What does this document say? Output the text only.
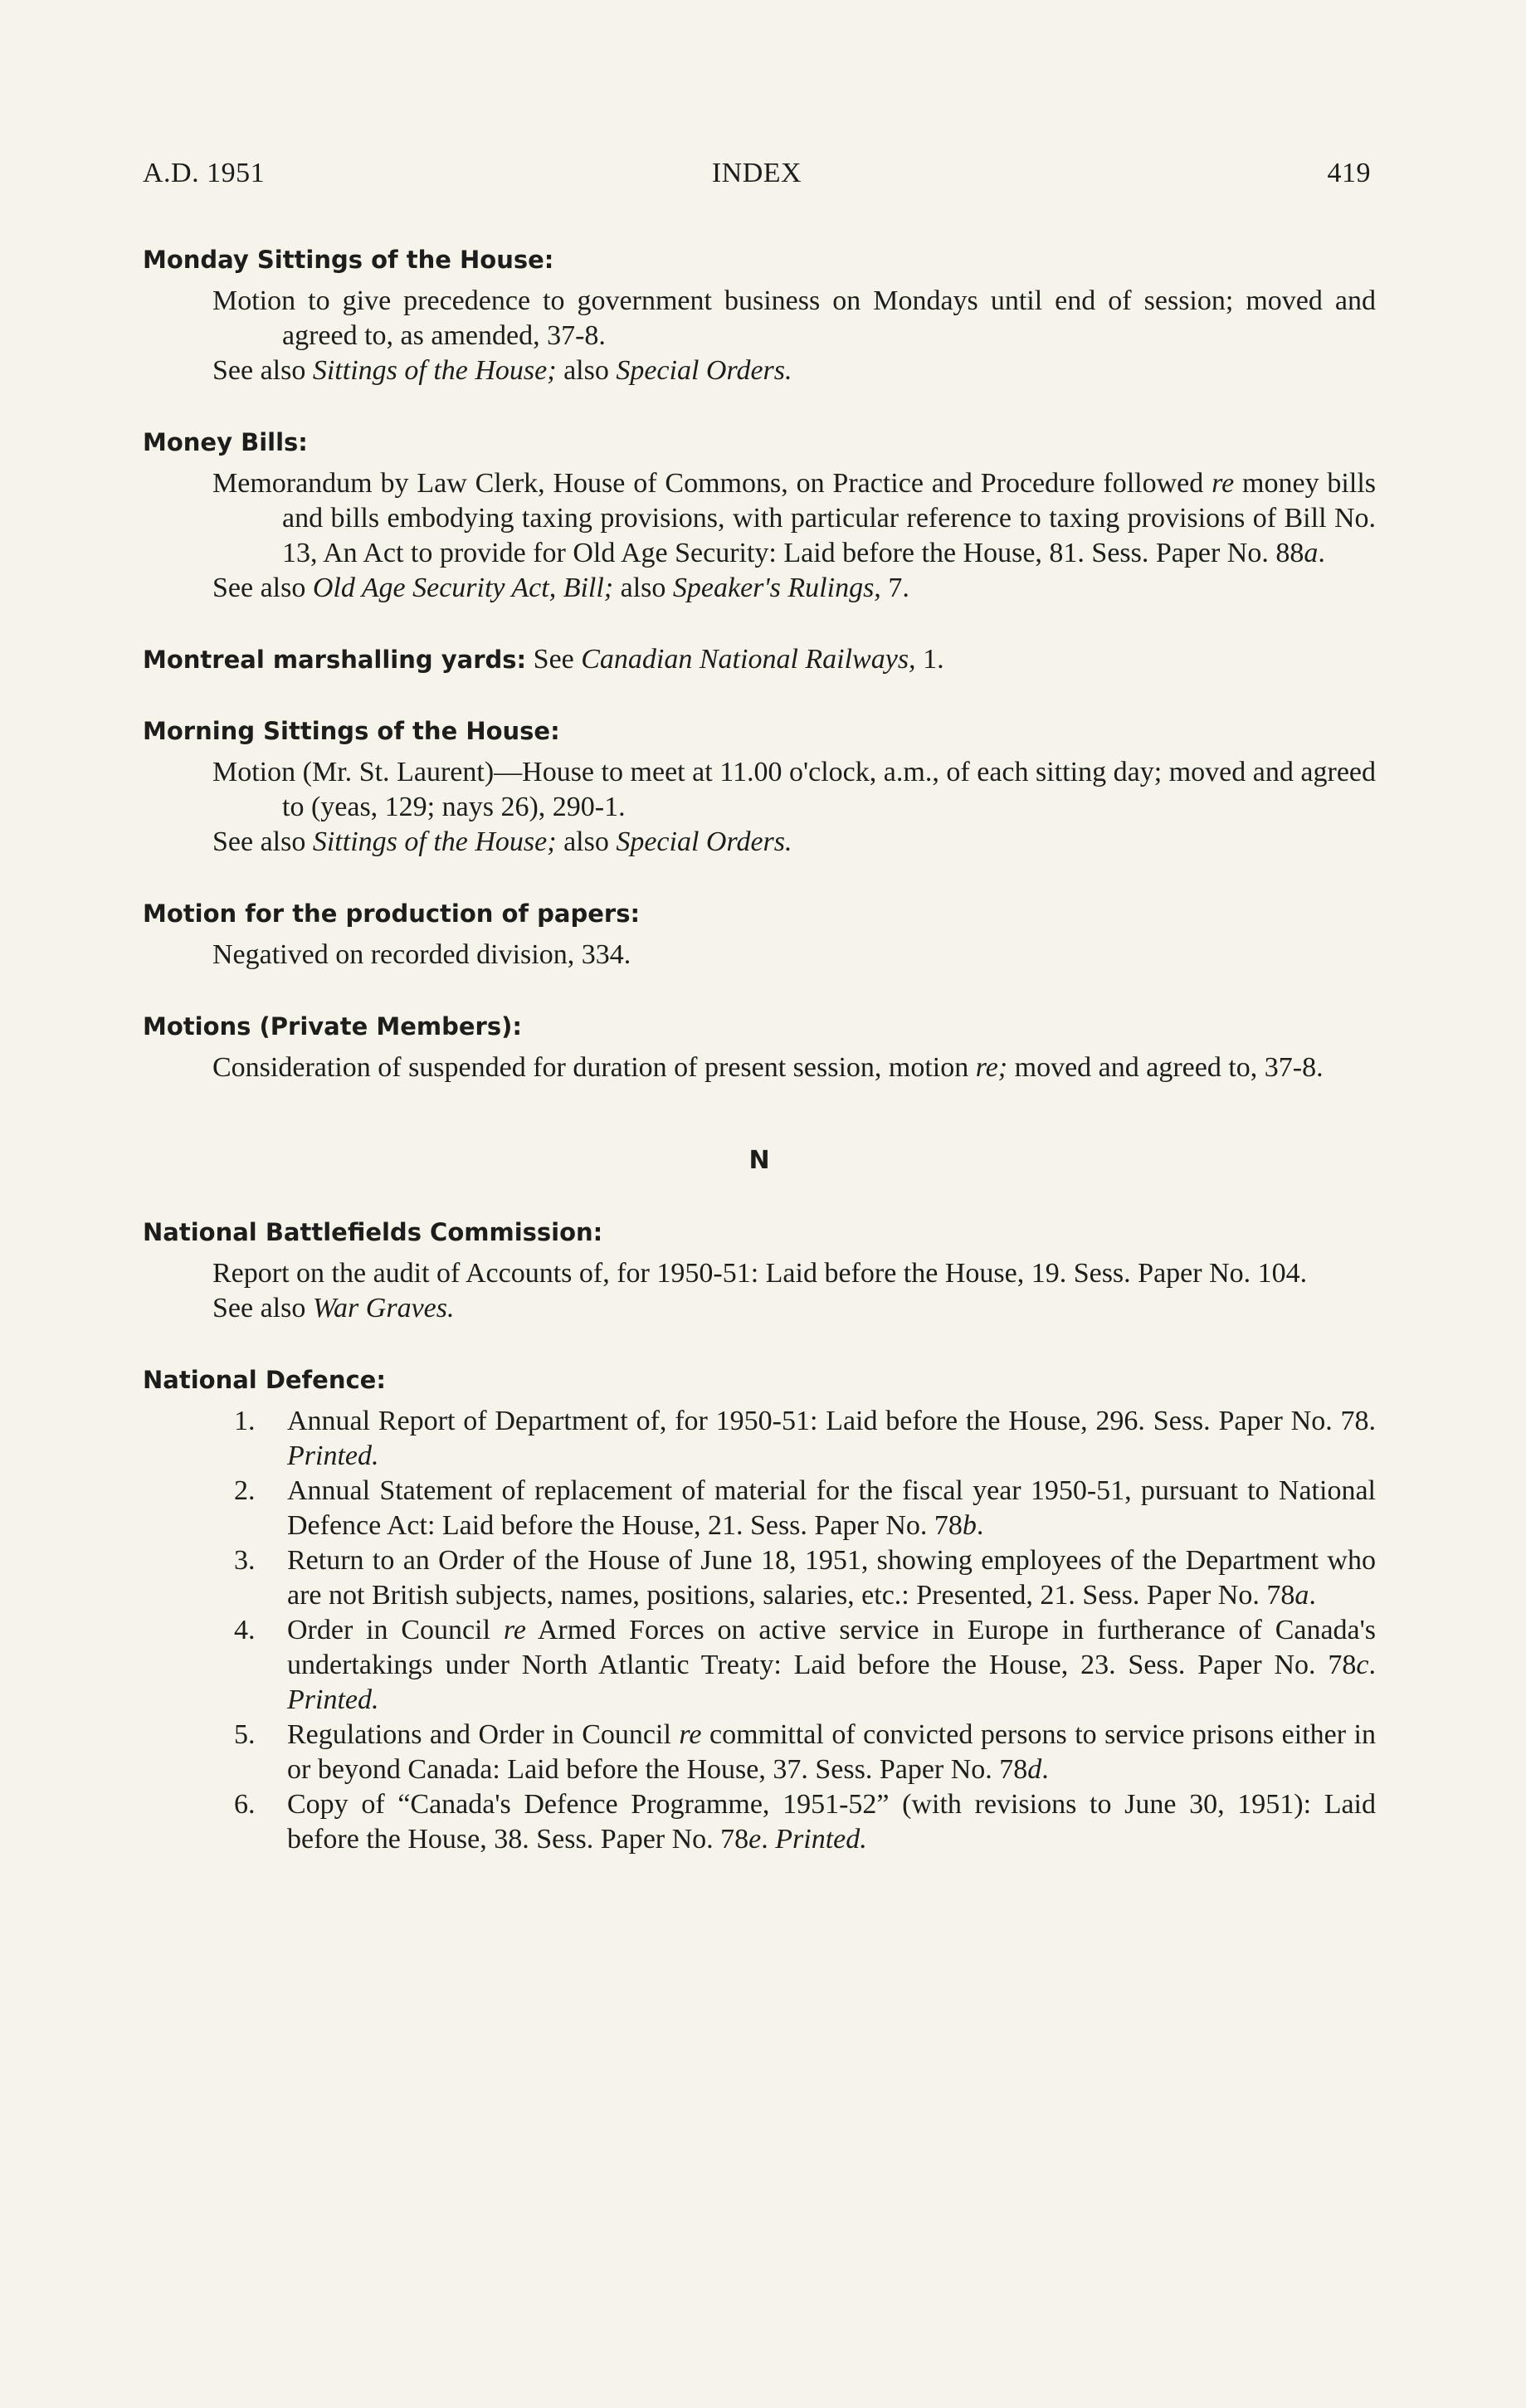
A.D. 1951	INDEX	419
Monday Sittings of the House:
Motion to give precedence to government business on Mondays until end of session; moved and agreed to, as amended, 37-8.
See also Sittings of the House; also Special Orders.
Money Bills:
Memorandum by Law Clerk, House of Commons, on Practice and Procedure followed re money bills and bills embodying taxing provisions, with particular reference to taxing provisions of Bill No. 13, An Act to provide for Old Age Security: Laid before the House, 81. Sess. Paper No. 88a.
See also Old Age Security Act, Bill; also Speaker's Rulings, 7.
Montreal marshalling yards: See Canadian National Railways, 1.
Morning Sittings of the House:
Motion (Mr. St. Laurent)—House to meet at 11.00 o'clock, a.m., of each sitting day; moved and agreed to (yeas, 129; nays 26), 290-1.
See also Sittings of the House; also Special Orders.
Motion for the production of papers:
Negatived on recorded division, 334.
Motions (Private Members):
Consideration of suspended for duration of present session, motion re; moved and agreed to, 37-8.
N
National Battlefields Commission:
Report on the audit of Accounts of, for 1950-51: Laid before the House, 19. Sess. Paper No. 104.
See also War Graves.
National Defence:
1.	Annual Report of Department of, for 1950-51: Laid before the House, 296. Sess. Paper No. 78. Printed.
2.	Annual Statement of replacement of material for the fiscal year 1950-51, pursuant to National Defence Act: Laid before the House, 21. Sess. Paper No. 78b.
3.	Return to an Order of the House of June 18, 1951, showing employees of the Department who are not British subjects, names, positions, salaries, etc.: Presented, 21. Sess. Paper No. 78a.
4.	Order in Council re Armed Forces on active service in Europe in furtherance of Canada's undertakings under North Atlantic Treaty: Laid before the House, 23. Sess. Paper No. 78c. Printed.
5.	Regulations and Order in Council re committal of convicted persons to service prisons either in or beyond Canada: Laid before the House, 37. Sess. Paper No. 78d.
6.	Copy of “Canada's Defence Programme, 1951-52” (with revisions to June 30, 1951): Laid before the House, 38. Sess. Paper No. 78e. Printed.
